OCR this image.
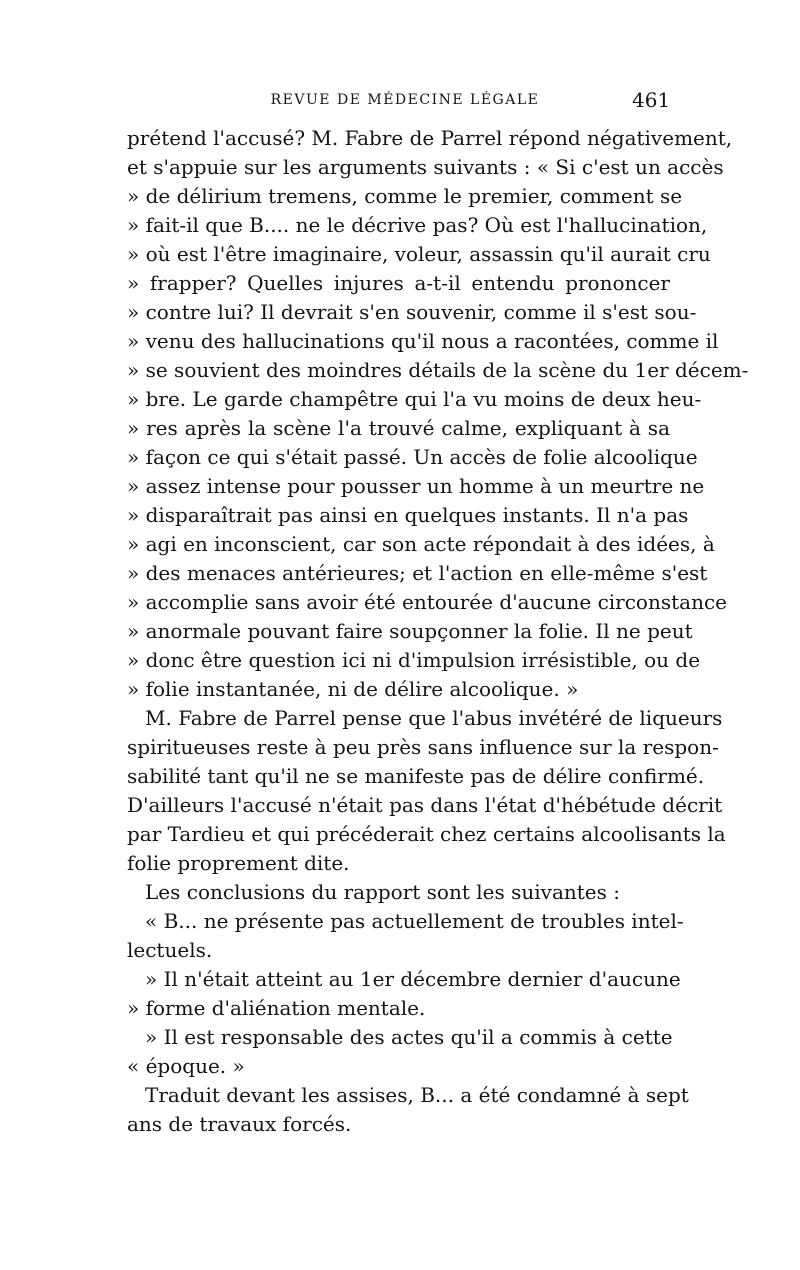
REVUE DE MÉDECINE LÉGALE	461
prétend l'accusé? M. Fabre de Parrel répond négativement,
et s'appuie sur les arguments suivants : « Si c'est un accès
» de délirium tremens, comme le premier, comment se
» fait-il que B.... ne le décrive pas? Où est l'hallucination,
» où est l'être imaginaire, voleur, assassin qu'il aurait cru
» frapper? Quelles injures a-t-il entendu prononcer
» contre lui? Il devrait s'en souvenir, comme il s'est sou-
» venu des hallucinations qu'il nous a racontées, comme il
» se souvient des moindres détails de la scène du 1er décem-
» bre. Le garde champêtre qui l'a vu moins de deux heu-
» res après la scène l'a trouvé calme, expliquant à sa
» façon ce qui s'était passé. Un accès de folie alcoolique
» assez intense pour pousser un homme à un meurtre ne
» disparaîtrait pas ainsi en quelques instants. Il n'a pas
» agi en inconscient, car son acte répondait à des idées, à
» des menaces antérieures; et l'action en elle-même s'est
» accomplie sans avoir été entourée d'aucune circonstance
» anormale pouvant faire soupçonner la folie. Il ne peut
» donc être question ici ni d'impulsion irrésistible, ou de
» folie instantanée, ni de délire alcoolique. »
M. Fabre de Parrel pense que l'abus invétéré de liqueurs
spiritueuses reste à peu près sans influence sur la respon-
sabilité tant qu'il ne se manifeste pas de délire confirmé.
D'ailleurs l'accusé n'était pas dans l'état d'hébétude décrit
par Tardieu et qui précéderait chez certains alcoolisants la
folie proprement dite.
Les conclusions du rapport sont les suivantes :
« B... ne présente pas actuellement de troubles intel-
lectuels.
» Il n'était atteint au 1er décembre dernier d'aucune
» forme d'aliénation mentale.
» Il est responsable des actes qu'il a commis à cette
« époque. »
Traduit devant les assises, B... a été condamné à sept
ans de travaux forcés.
